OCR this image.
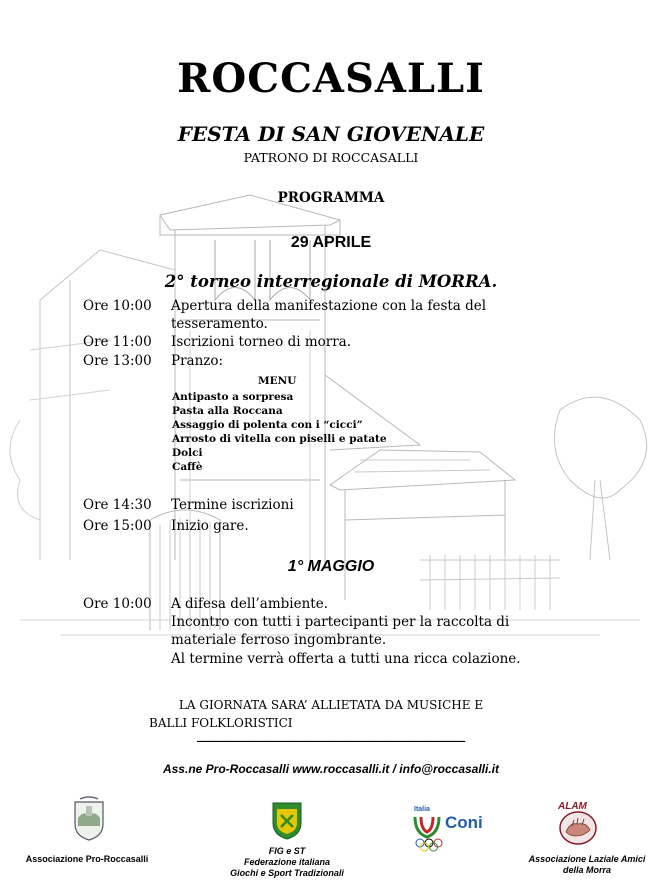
ROCCASALLI
FESTA DI SAN GIOVENALE
PATRONO DI ROCCASALLI
PROGRAMMA
29 APRILE
2° torneo interregionale di MORRA.
Ore 10:00 Apertura della manifestazione con la festa del tesseramento.
Ore 11:00 Iscrizioni torneo di morra.
Ore 13:00 Pranzo:
MENU
Antipasto a sorpresa
Pasta alla Roccana
Assaggio di polenta con i “cicci”
Arrosto di vitella con piselli e patate
Dolci
Caffè
Ore 14:30 Termine iscrizioni
Ore 15:00 Inizio gare.
1° MAGGIO
Ore 10:00 A difesa dell’ambiente.
Incontro con tutti i partecipanti per la raccolta di
materiale ferroso ingombrante.
Al termine verrà offerta a tutti una ricca colazione.
LA GIORNATA SARA’ ALLIETATA DA MUSICHE E
BALLI FOLKLORISTICI
_______________________________________________
Ass.ne Pro-Roccasalli www.roccasalli.it / info@roccasalli.it
Associazione Pro-Roccasalli
FIG e ST
Federazione italiana
Giochi e Sport Tradizionali
Italia
Coni
ALAM
Associazione Laziale Amici
della Morra
